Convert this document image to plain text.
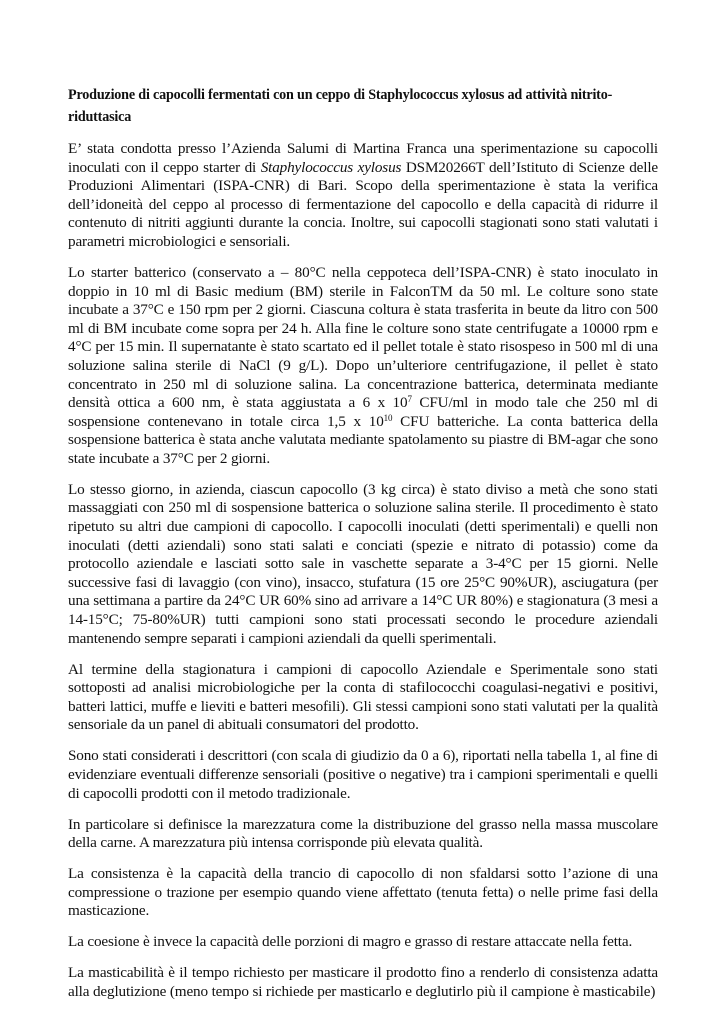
Produzione di capocolli fermentati con un ceppo di Staphylococcus xylosus ad attività nitrito-riduttasica

E’ stata condotta presso l’Azienda Salumi di Martina Franca una sperimentazione su capocolli inoculati con il ceppo starter di Staphylococcus xylosus DSM20266T dell’Istituto di Scienze delle Produzioni Alimentari (ISPA-CNR) di Bari. Scopo della sperimentazione è stata la verifica dell’idoneità del ceppo al processo di fermentazione del capocollo e della capacità di ridurre il contenuto di nitriti aggiunti durante la concia. Inoltre, sui capocolli stagionati sono stati valutati i parametri microbiologici e sensoriali.

Lo starter batterico (conservato a – 80°C nella ceppoteca dell’ISPA-CNR) è stato inoculato in doppio in 10 ml di Basic medium (BM) sterile in FalconTM da 50 ml. Le colture sono state incubate a 37°C e 150 rpm per 2 giorni. Ciascuna coltura è stata trasferita in beute da litro con 500 ml di BM incubate come sopra per 24 h. Alla fine le colture sono state centrifugate a 10000 rpm e 4°C per 15 min. Il supernatante è stato scartato ed il pellet totale è stato risospeso in 500 ml di una soluzione salina sterile di NaCl (9 g/L). Dopo un’ulteriore centrifugazione, il pellet è stato concentrato in 250 ml di soluzione salina. La concentrazione batterica, determinata mediante densità ottica a 600 nm, è stata aggiustata a 6 x $10^7$ CFU/ml in modo tale che 250 ml di sospensione contenevano in totale circa 1,5 x $10^{10}$ CFU batteriche. La conta batterica della sospensione batterica è stata anche valutata mediante spatolamento su piastre di BM-agar che sono state incubate a 37°C per 2 giorni.

Lo stesso giorno, in azienda, ciascun capocollo (3 kg circa) è stato diviso a metà che sono stati massaggiati con 250 ml di sospensione batterica o soluzione salina sterile. Il procedimento è stato ripetuto su altri due campioni di capocollo. I capocolli inoculati (detti sperimentali) e quelli non inoculati (detti aziendali) sono stati salati e conciati (spezie e nitrato di potassio) come da protocollo aziendale e lasciati sotto sale in vaschette separate a 3-4°C per 15 giorni. Nelle successive fasi di lavaggio (con vino), insacco, stufatura (15 ore 25°C 90%UR), asciugatura (per una settimana a partire da 24°C UR 60% sino ad arrivare a 14°C UR 80%) e stagionatura (3 mesi a 14-15°C; 75-80%UR) tutti campioni sono stati processati secondo le procedure aziendali mantenendo sempre separati i campioni aziendali da quelli sperimentali.

Al termine della stagionatura i campioni di capocollo Aziendale e Sperimentale sono stati sottoposti ad analisi microbiologiche per la conta di stafilococchi coagulasi-negativi e positivi, batteri lattici, muffe e lieviti e batteri mesofili). Gli stessi campioni sono stati valutati per la qualità sensoriale da un panel di abituali consumatori del prodotto.

Sono stati considerati i descrittori (con scala di giudizio da 0 a 6), riportati nella tabella 1, al fine di evidenziare eventuali differenze sensoriali (positive o negative) tra i campioni sperimentali e quelli di capocolli prodotti con il metodo tradizionale.

In particolare si definisce la marezzatura come la distribuzione del grasso nella massa muscolare della carne. A marezzatura più intensa corrisponde più elevata qualità.

La consistenza è la capacità della trancio di capocollo di non sfaldarsi sotto l’azione di una compressione o trazione per esempio quando viene affettato (tenuta fetta) o nelle prime fasi della masticazione.

La coesione è invece la capacità delle porzioni di magro e grasso di restare attaccate nella fetta.

La masticabilità è il tempo richiesto per masticare il prodotto fino a renderlo di consistenza adatta alla deglutizione (meno tempo si richiede per masticarlo e deglutirlo più il campione è masticabile)
